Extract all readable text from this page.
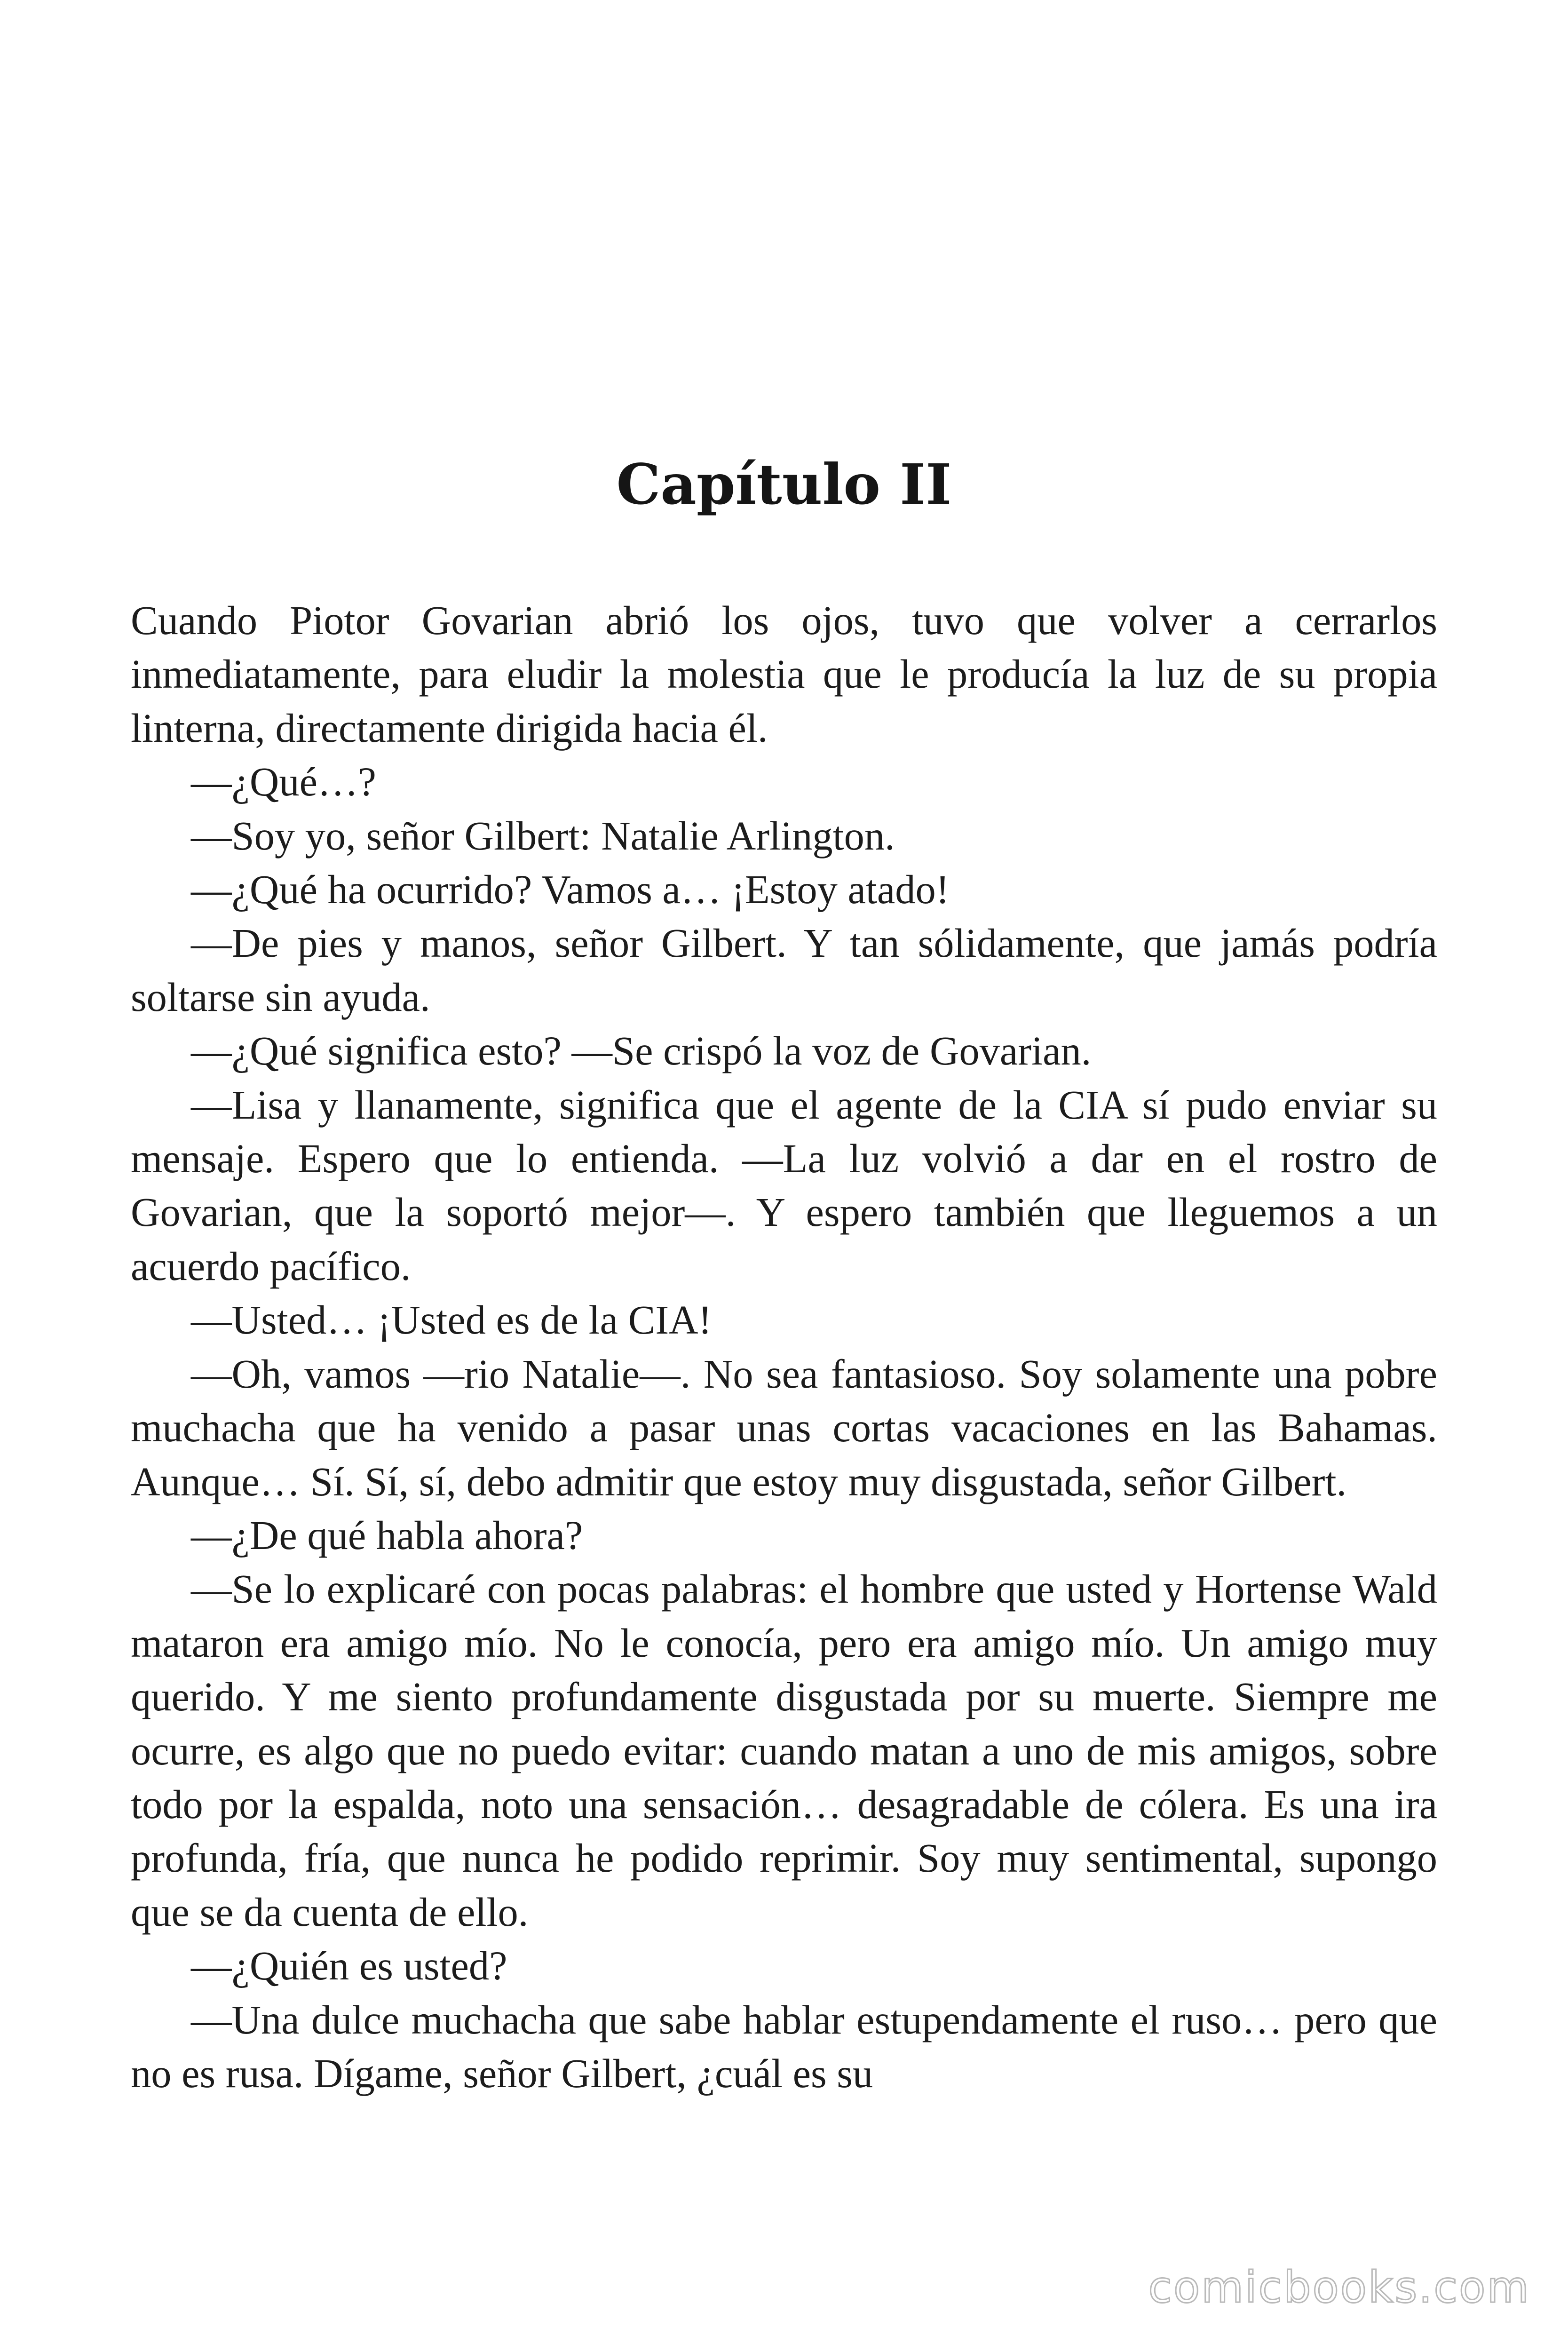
Capítulo II

Cuando Piotor Govarian abrió los ojos, tuvo que volver a cerrarlos inmediatamente, para eludir la molestia que le producía la luz de su propia linterna, directamente dirigida hacia él.

—¿Qué…?

—Soy yo, señor Gilbert: Natalie Arlington.

—¿Qué ha ocurrido? Vamos a… ¡Estoy atado!

—De pies y manos, señor Gilbert. Y tan sólidamente, que jamás podría soltarse sin ayuda.

—¿Qué significa esto? —Se crispó la voz de Govarian.

—Lisa y llanamente, significa que el agente de la CIA sí pudo enviar su mensaje. Espero que lo entienda. —La luz volvió a dar en el rostro de Govarian, que la soportó mejor—. Y espero también que lleguemos a un acuerdo pacífico.

—Usted… ¡Usted es de la CIA!

—Oh, vamos —rio Natalie—. No sea fantasioso. Soy solamente una pobre muchacha que ha venido a pasar unas cortas vacaciones en las Bahamas. Aunque… Sí. Sí, sí, debo admitir que estoy muy disgustada, señor Gilbert.

—¿De qué habla ahora?

—Se lo explicaré con pocas palabras: el hombre que usted y Hortense Wald mataron era amigo mío. No le conocía, pero era amigo mío. Un amigo muy querido. Y me siento profundamente disgustada por su muerte. Siempre me ocurre, es algo que no puedo evitar: cuando matan a uno de mis amigos, sobre todo por la espalda, noto una sensación… desagradable de cólera. Es una ira profunda, fría, que nunca he podido reprimir. Soy muy sentimental, supongo que se da cuenta de ello.

—¿Quién es usted?

—Una dulce muchacha que sabe hablar estupendamente el ruso… pero que no es rusa. Dígame, señor Gilbert, ¿cuál es su

comicbooks.com
